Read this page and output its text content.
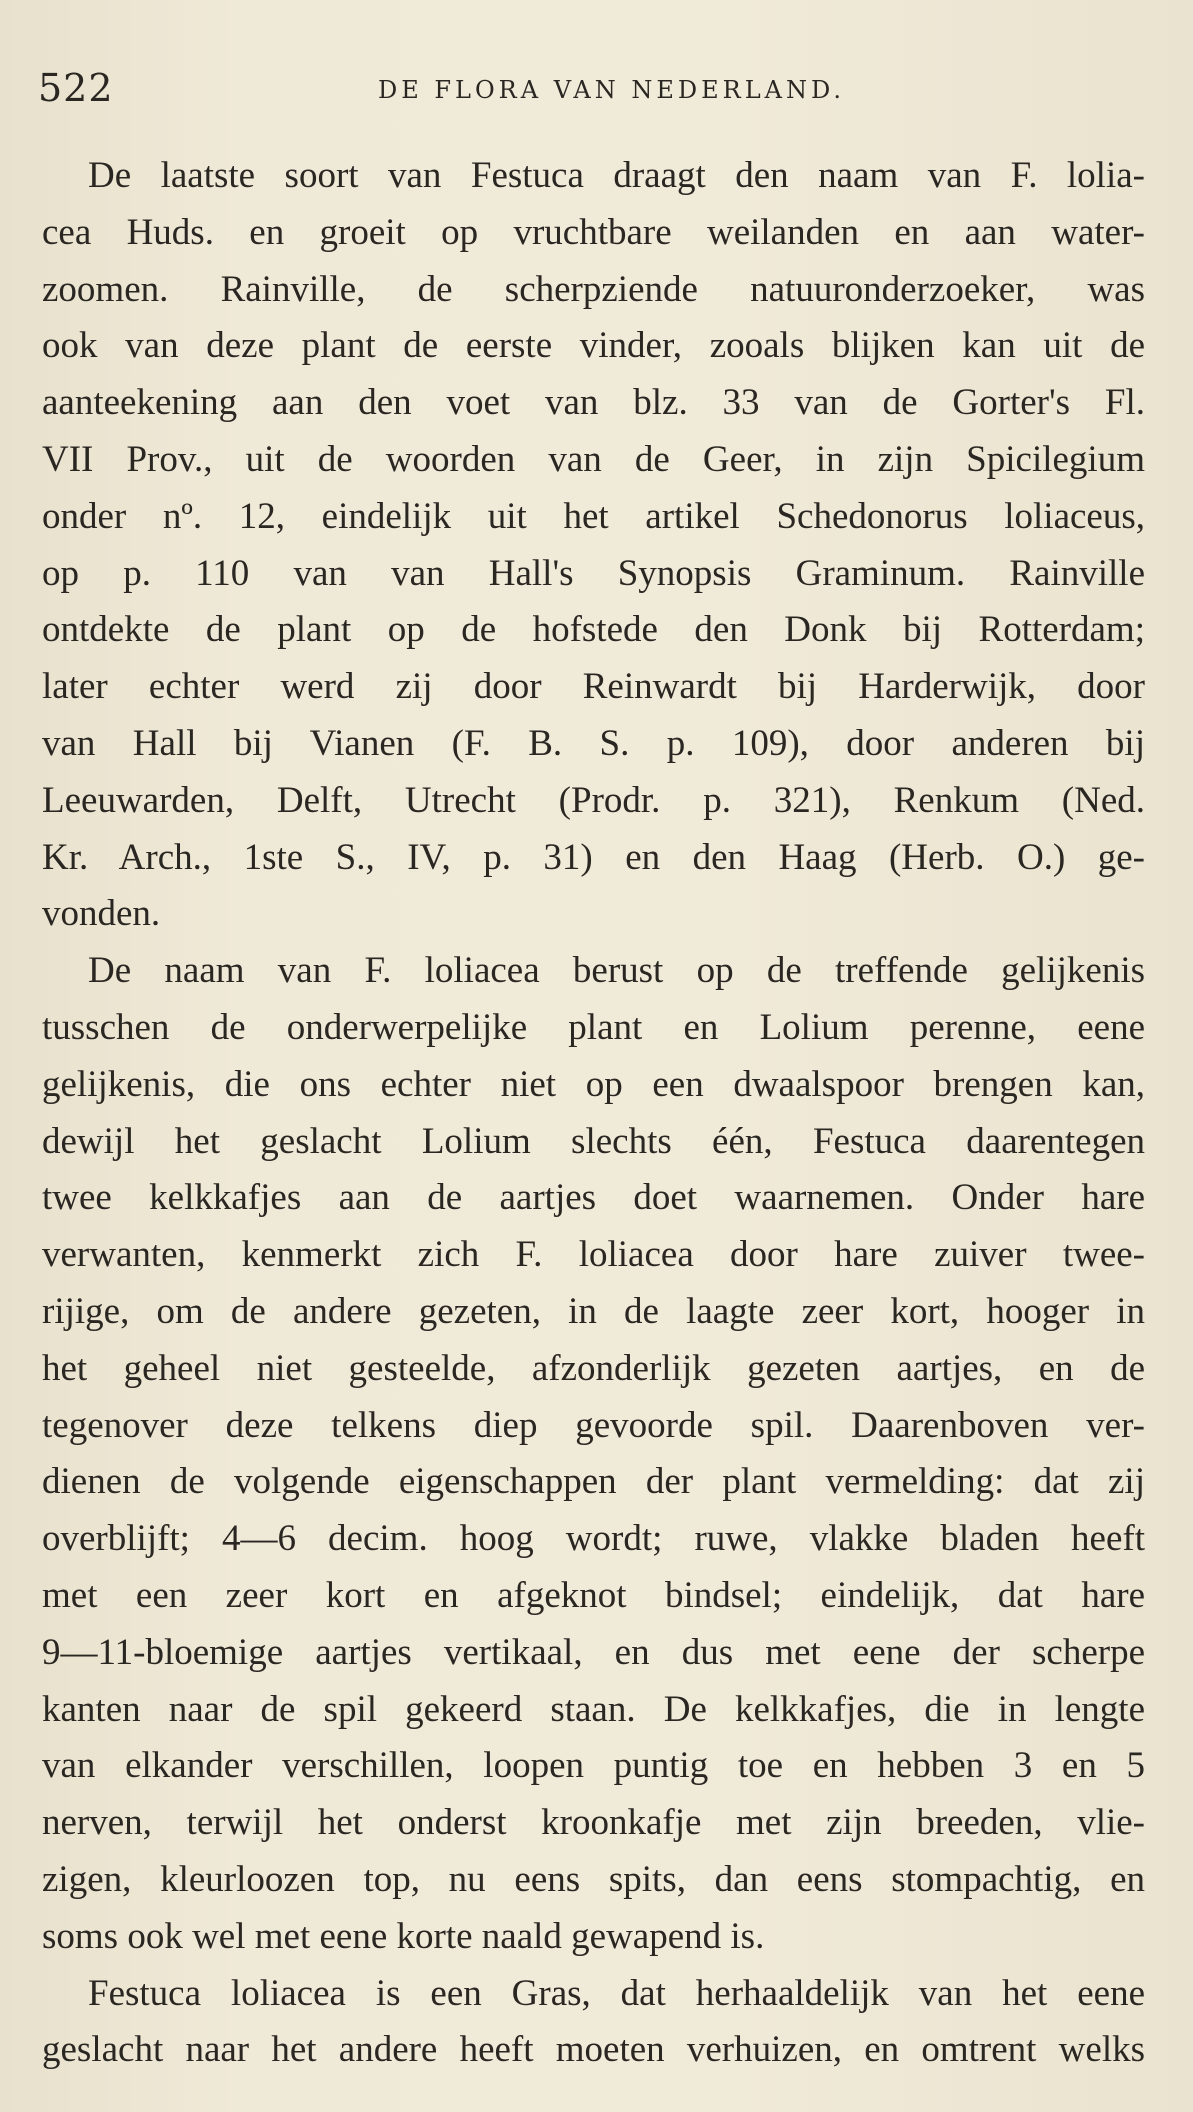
522	DE FLORA VAN NEDERLAND.
De laatste soort van Festuca draagt den naam van F. lolia-
cea Huds. en groeit op vruchtbare weilanden en aan water-
zoomen. Rainville, de scherpziende natuuronderzoeker, was
ook van deze plant de eerste vinder, zooals blijken kan uit de
aanteekening aan den voet van blz. 33 van de Gorter's Fl.
VII Prov., uit de woorden van de Geer, in zijn Spicilegium
onder nº. 12, eindelijk uit het artikel Schedonorus loliaceus,
op p. 110 van van Hall's Synopsis Graminum. Rainville
ontdekte de plant op de hofstede den Donk bij Rotterdam;
later echter werd zij door Reinwardt bij Harderwijk, door
van Hall bij Vianen (F. B. S. p. 109), door anderen bij
Leeuwarden, Delft, Utrecht (Prodr. p. 321), Renkum (Ned.
Kr. Arch., 1ste S., IV, p. 31) en den Haag (Herb. O.) ge-
vonden.
De naam van F. loliacea berust op de treffende gelijkenis
tusschen de onderwerpelijke plant en Lolium perenne, eene
gelijkenis, die ons echter niet op een dwaalspoor brengen kan,
dewijl het geslacht Lolium slechts één, Festuca daarentegen
twee kelkkafjes aan de aartjes doet waarnemen. Onder hare
verwanten, kenmerkt zich F. loliacea door hare zuiver twee-
rijige, om de andere gezeten, in de laagte zeer kort, hooger in
het geheel niet gesteelde, afzonderlijk gezeten aartjes, en de
tegenover deze telkens diep gevoorde spil. Daarenboven ver-
dienen de volgende eigenschappen der plant vermelding: dat zij
overblijft; 4—6 decim. hoog wordt; ruwe, vlakke bladen heeft
met een zeer kort en afgeknot bindsel; eindelijk, dat hare
9—11-bloemige aartjes vertikaal, en dus met eene der scherpe
kanten naar de spil gekeerd staan. De kelkkafjes, die in lengte
van elkander verschillen, loopen puntig toe en hebben 3 en 5
nerven, terwijl het onderst kroonkafje met zijn breeden, vlie-
zigen, kleurloozen top, nu eens spits, dan eens stompachtig, en
soms ook wel met eene korte naald gewapend is.
Festuca loliacea is een Gras, dat herhaaldelijk van het eene
geslacht naar het andere heeft moeten verhuizen, en omtrent welks
